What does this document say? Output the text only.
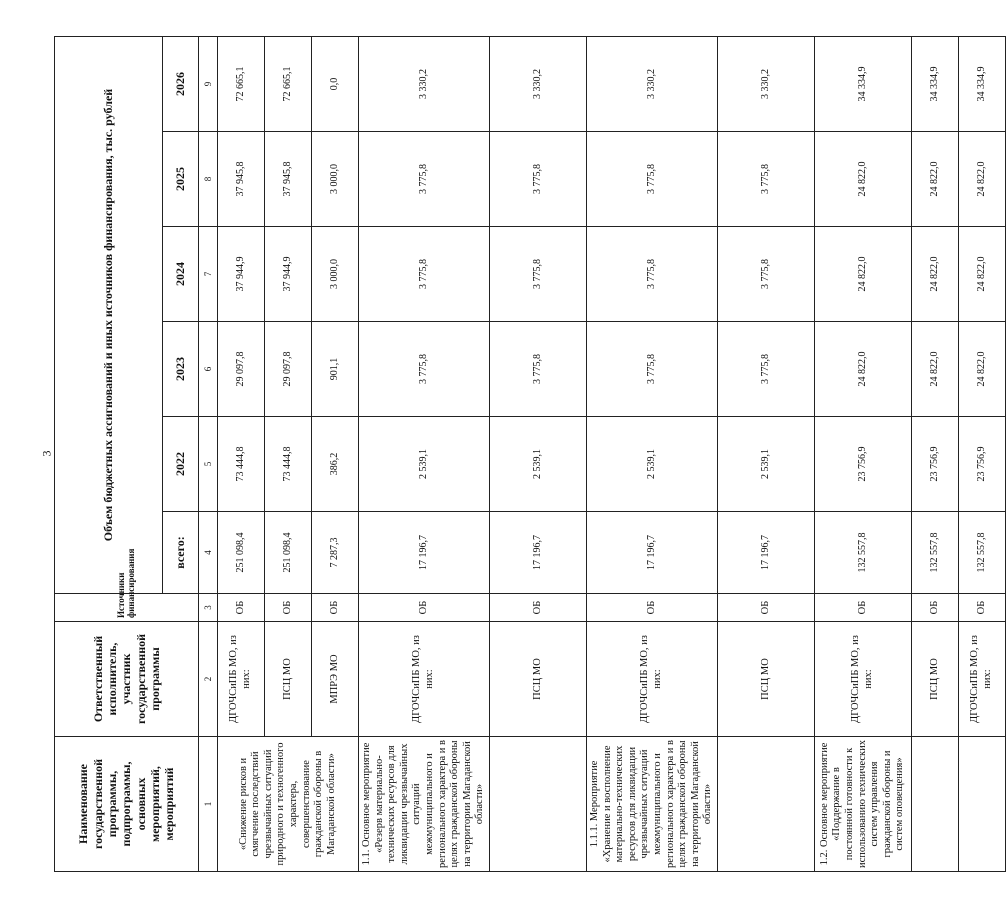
3
Наименование государственной программы, подпрограммы, основных мероприятий, мероприятий	Ответственный исполнитель, участник государственной программы	Источники финансирования	Объем бюджетных ассигнований и иных источников финансирования, тыс. рублей					
			всего:	2022	2023	2024	2025	2026
1	2	3	4	5	6	7	8	9
«Снижение рисков и смягчение последствий чрезвычайных ситуаций природного и техногенного характера, совершенствование гражданской обороны в Магаданской области»	ДГОЧСиПБ МО, из них:	ОБ	251 098,4	73 444,8	29 097,8	37 944,9	37 945,8	72 665,1
	ПСЦ МО	ОБ	251 098,4	73 444,8	29 097,8	37 944,9	37 945,8	72 665,1
	МПРЭ МО	ОБ	7 287,3	386,2	901,1	3 000,0	3 000,0	0,0
1.1. Основное мероприятие «Резерв материально-технических ресурсов для ликвидации чрезвычайных ситуаций межмуниципального и регионального характера и в целях гражданской обороны на территории Магаданской области»	ДГОЧСиПБ МО, из них:	ОБ	17 196,7	2 539,1	3 775,8	3 775,8	3 775,8	3 330,2
	ПСЦ МО	ОБ	17 196,7	2 539,1	3 775,8	3 775,8	3 775,8	3 330,2
1.1.1. Мероприятие «Хранение и восполнение материально-технических ресурсов для ликвидации чрезвычайных ситуаций межмуниципального и регионального характера и в целях гражданской обороны на территории Магаданской области»	ДГОЧСиПБ МО, из них:	ОБ	17 196,7	2 539,1	3 775,8	3 775,8	3 775,8	3 330,2
	ПСЦ МО	ОБ	17 196,7	2 539,1	3 775,8	3 775,8	3 775,8	3 330,2
1.2. Основное мероприятие «Поддержание в постоянной готовности к использованию технических систем управления гражданской обороны и систем оповещения»	ДГОЧСиПБ МО, из них:	ОБ	132 557,8	23 756,9	24 822,0	24 822,0	24 822,0	34 334,9
	ПСЦ МО	ОБ	132 557,8	23 756,9	24 822,0	24 822,0	24 822,0	34 334,9
	ДГОЧСиПБ МО, из них:	ОБ	132 557,8	23 756,9	24 822,0	24 822,0	24 822,0	34 334,9
